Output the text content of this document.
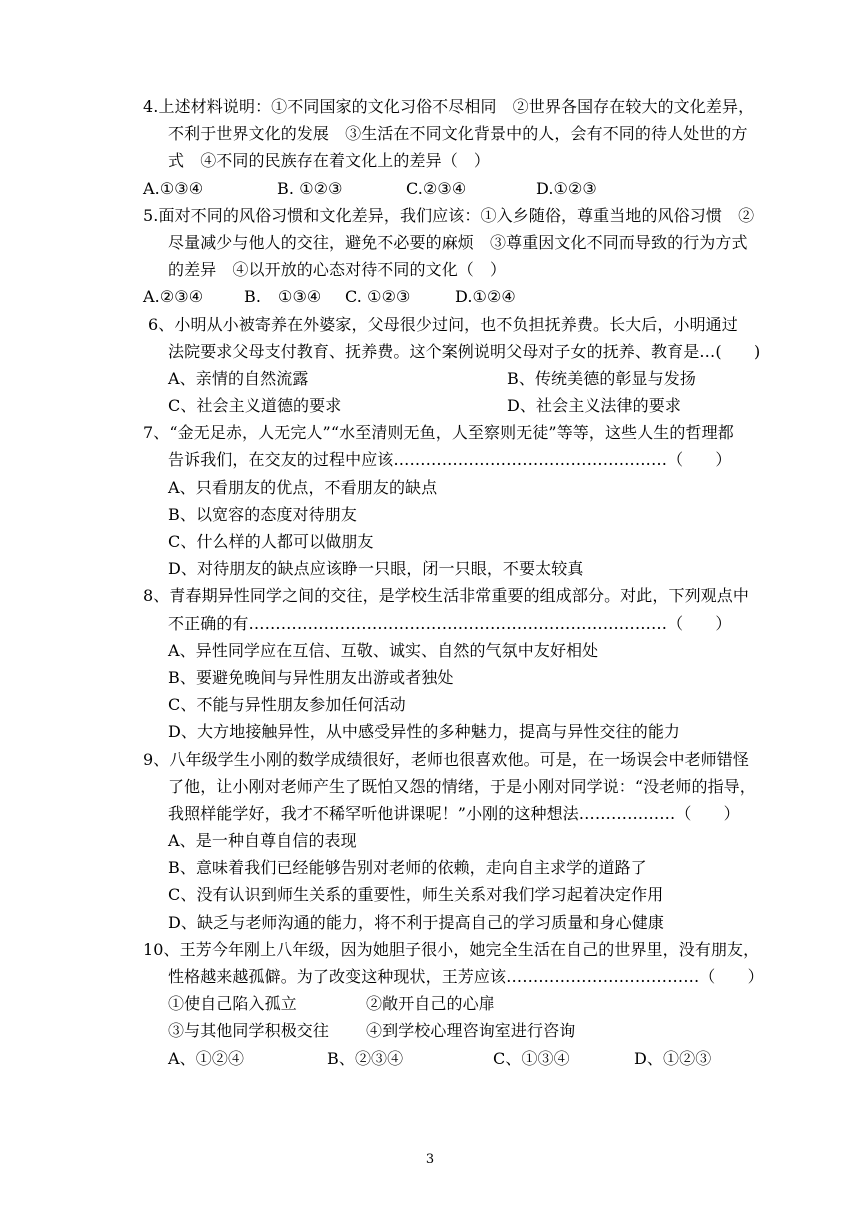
4.上述材料说明：①不同国家的文化习俗不尽相同　②世界各国存在较大的文化差异，
不利于世界文化的发展　③生活在不同文化背景中的人，会有不同的待人处世的方
式　④不同的民族存在着文化上的差异（　）
A.①③④	B. ①②③	C.②③④	D.①②③
5.面对不同的风俗习惯和文化差异，我们应该：①入乡随俗，尊重当地的风俗习惯　②
尽量减少与他人的交往，避免不必要的麻烦　③尊重因文化不同而导致的行为方式
的差异　④以开放的心态对待不同的文化（　）
A.②③④	B. ①③④ C. ①②③	D.①②④
6、小明从小被寄养在外婆家，父母很少过问，也不负担抚养费。长大后，小明通过
法院要求父母支付教育、抚养费。这个案例说明父母对子女的抚养、教育是…(　　)
A、亲情的自然流露	B、传统美德的彰显与发扬
C、社会主义道德的要求	D、社会主义法律的要求
7、“金无足赤，人无完人”“水至清则无鱼，人至察则无徒”等等，这些人生的哲理都
告诉我们，在交友的过程中应该……………………………………………（　　）
A、只看朋友的优点，不看朋友的缺点
B、以宽容的态度对待朋友
C、什么样的人都可以做朋友
D、对待朋友的缺点应该睁一只眼，闭一只眼，不要太较真
8、青春期异性同学之间的交往，是学校生活非常重要的组成部分。对此，下列观点中
不正确的有……………………………………………………………………（　　）
A、异性同学应在互信、互敬、诚实、自然的气氛中友好相处
B、要避免晚间与异性朋友出游或者独处
C、不能与异性朋友参加任何活动
D、大方地接触异性，从中感受异性的多种魅力，提高与异性交往的能力
9、八年级学生小刚的数学成绩很好，老师也很喜欢他。可是，在一场误会中老师错怪
了他，让小刚对老师产生了既怕又怨的情绪，于是小刚对同学说：“没老师的指导，
我照样能学好，我才不稀罕听他讲课呢！”小刚的这种想法………………（　　）
A、是一种自尊自信的表现
B、意味着我们已经能够告别对老师的依赖，走向自主求学的道路了
C、没有认识到师生关系的重要性，师生关系对我们学习起着决定作用
D、缺乏与老师沟通的能力，将不利于提高自己的学习质量和身心健康
10、王芳今年刚上八年级，因为她胆子很小，她完全生活在自己的世界里，没有朋友，
性格越来越孤僻。为了改变这种现状，王芳应该………………………………（　　）
①使自己陷入孤立	②敞开自己的心扉
③与其他同学积极交往 ④到学校心理咨询室进行咨询
A、①②④	B、②③④	C、①③④	D、①②③
3
